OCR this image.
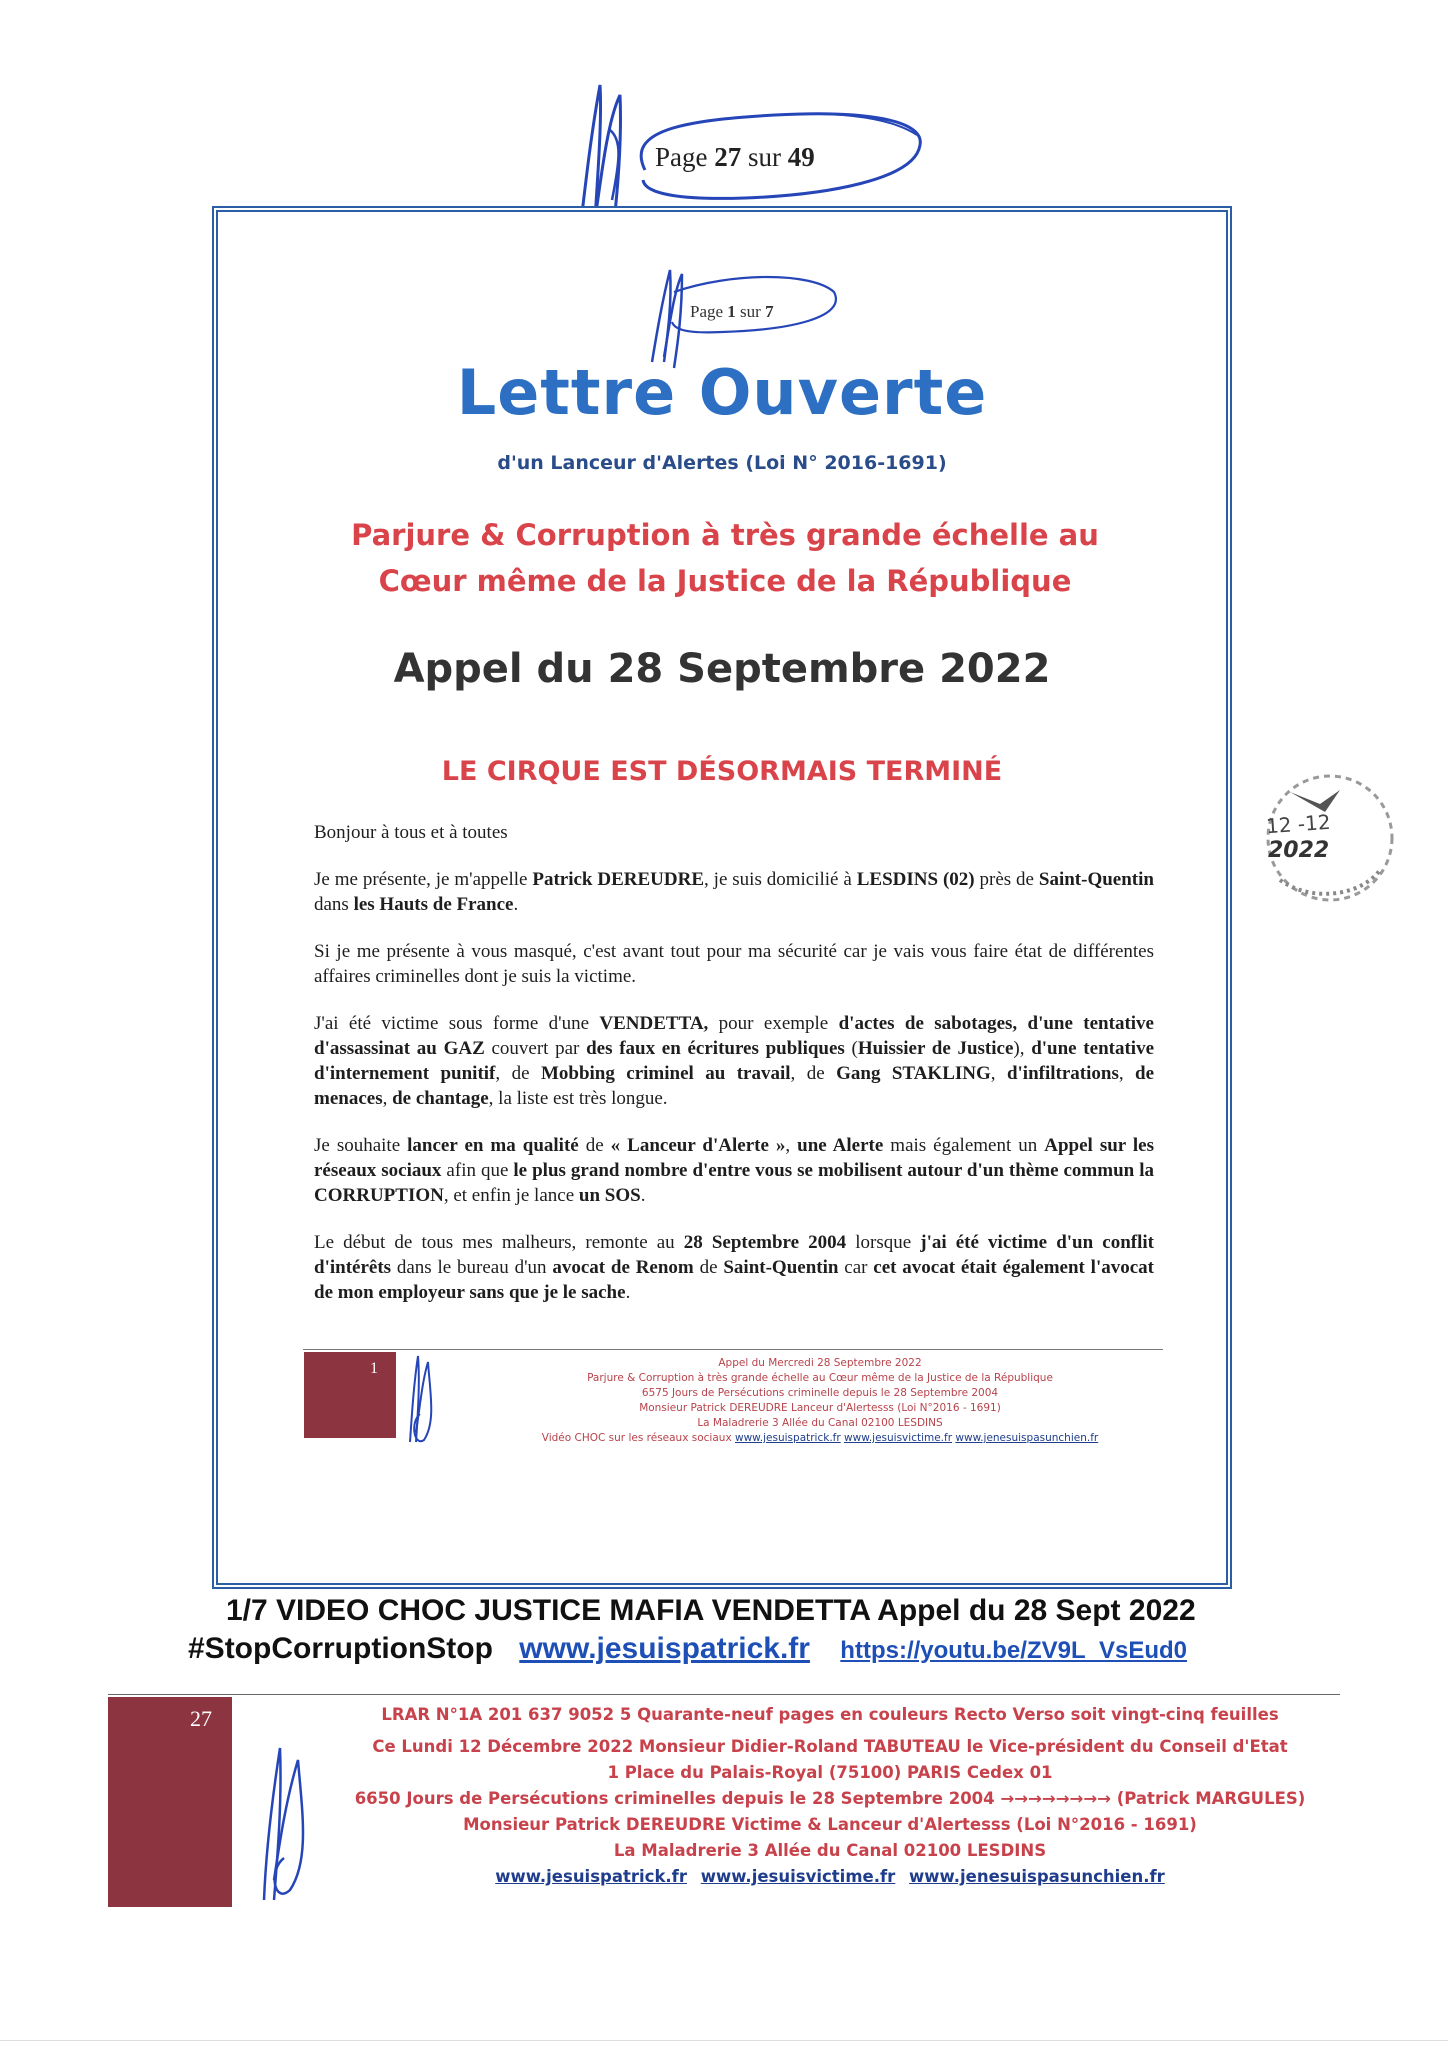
Page 27 sur 49
Page 1 sur 7
Lettre Ouverte
d'un Lanceur d'Alertes (Loi N° 2016-1691)
Parjure & Corruption à très grande échelle au
Cœur même de la Justice de la République
Appel du 28 Septembre 2022
LE CIRQUE EST DÉSORMAIS TERMINÉ

Bonjour à tous et à toutes

Je me présente, je m'appelle Patrick DEREUDRE, je suis domicilié à LESDINS (02) près de Saint-Quentin dans les Hauts de France.

Si je me présente à vous masqué, c'est avant tout pour ma sécurité car je vais vous faire état de différentes affaires criminelles dont je suis la victime.

J'ai été victime sous forme d'une VENDETTA, pour exemple d'actes de sabotages, d'une tentative d'assassinat au GAZ couvert par des faux en écritures publiques (Huissier de Justice), d'une tentative d'internement punitif, de Mobbing criminel au travail, de Gang STAKLING, d'infiltrations, de menaces, de chantage, la liste est très longue.

Je souhaite lancer en ma qualité de « Lanceur d'Alerte », une Alerte mais également un Appel sur les réseaux sociaux afin que le plus grand nombre d'entre vous se mobilisent autour d'un thème commun la CORRUPTION, et enfin je lance un SOS.

Le début de tous mes malheurs, remonte au 28 Septembre 2004 lorsque j'ai été victime d'un conflit d'intérêts dans le bureau d'un avocat de Renom de Saint-Quentin car cet avocat était également l'avocat de mon employeur sans que je le sache.

1	Appel du Mercredi 28 Septembre 2022
Parjure & Corruption à très grande échelle au Cœur même de la Justice de la République
6575 Jours de Persécutions criminelle depuis le 28 Septembre 2004
Monsieur Patrick DEREUDRE Lanceur d'Alertesss (Loi N°2016 - 1691)
La Maladrerie 3 Allée du Canal 02100 LESDINS
Vidéo CHOC sur les réseaux sociaux www.jesuispatrick.fr www.jesuisvictime.fr www.jenesuispasunchien.fr
12 -12
2022
1/7 VIDEO CHOC JUSTICE MAFIA VENDETTA Appel du 28 Sept 2022
#StopCorruptionStop www.jesuispatrick.fr https://youtu.be/ZV9L_VsEud0
27	LRAR N°1A 201 637 9052 5 Quarante-neuf pages en couleurs Recto Verso soit vingt-cinq feuilles
Ce Lundi 12 Décembre 2022 Monsieur Didier-Roland TABUTEAU le Vice-président du Conseil d'Etat
1 Place du Palais-Royal (75100) PARIS Cedex 01
6650 Jours de Persécutions criminelles depuis le 28 Septembre 2004 →→→→→→→→ (Patrick MARGULES)
Monsieur Patrick DEREUDRE Victime & Lanceur d'Alertesss (Loi N°2016 - 1691)
La Maladrerie 3 Allée du Canal 02100 LESDINS
www.jesuispatrick.fr www.jesuisvictime.fr www.jenesuispasunchien.fr
